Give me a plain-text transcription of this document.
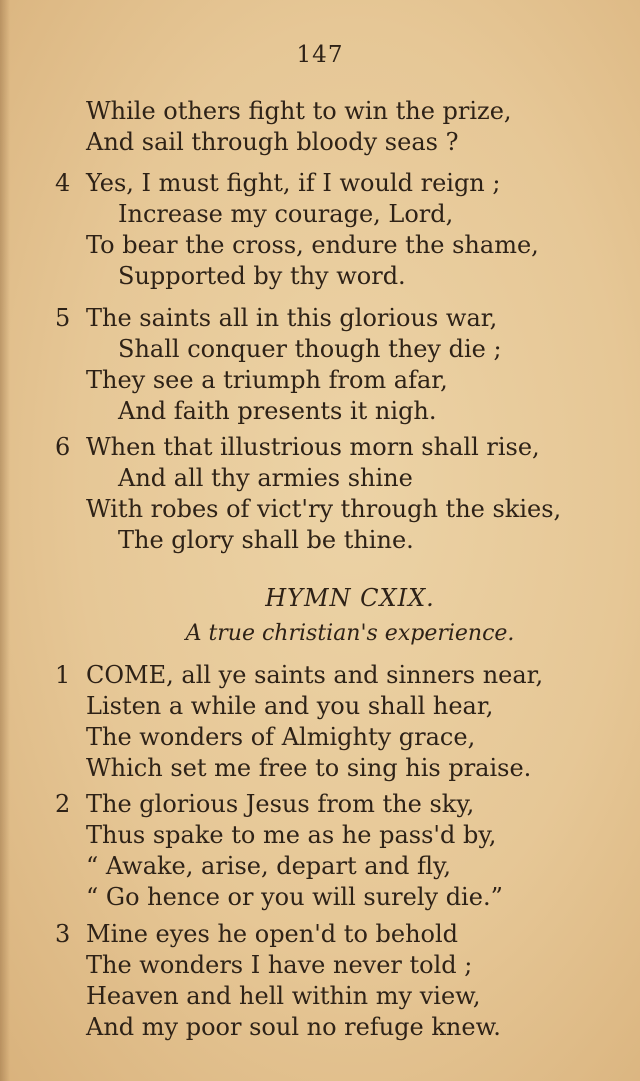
147
While others fight to win the prize,
And sail through bloody seas ?
4 Yes, I must fight, if I would reign ;
Increase my courage, Lord,
To bear the cross, endure the shame,
Supported by thy word.
5 The saints all in this glorious war,
Shall conquer though they die ;
They see a triumph from afar,
And faith presents it nigh.
6 When that illustrious morn shall rise,
And all thy armies shine
With robes of vict'ry through the skies,
The glory shall be thine.
HYMN CXIX.
A true christian's experience.
1 COME, all ye saints and sinners near,
Listen a while and you shall hear,
The wonders of Almighty grace,
Which set me free to sing his praise.
2 The glorious Jesus from the sky,
Thus spake to me as he pass'd by,
“ Awake, arise, depart and fly,
“ Go hence or you will surely die.”
3 Mine eyes he open'd to behold
The wonders I have never told ;
Heaven and hell within my view,
And my poor soul no refuge knew.
